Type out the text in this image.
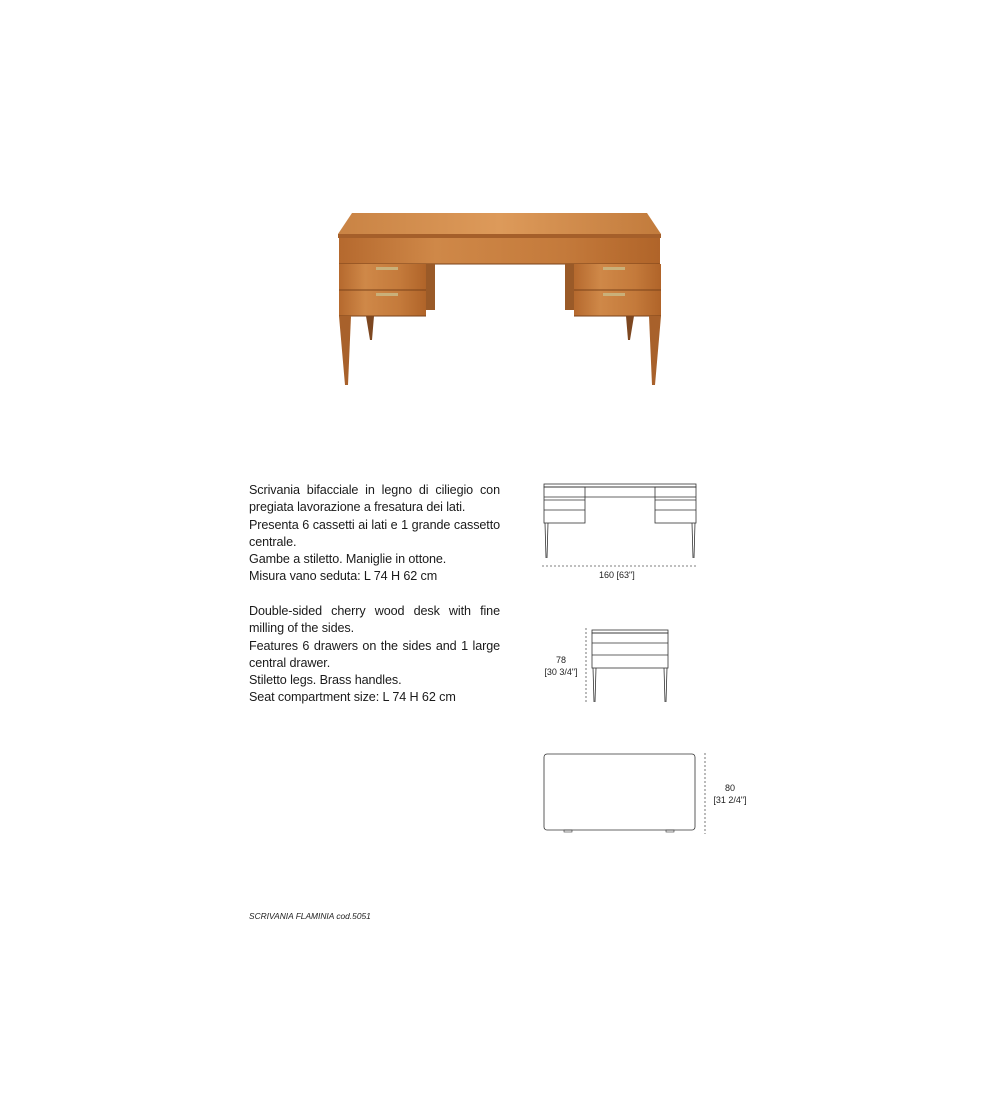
Scrivania bifacciale in legno di ciliegio con pregiata lavorazione a fresatura dei lati.

Presenta 6 cassetti ai lati e 1 grande cassetto centrale.

Gambe a stiletto. Maniglie in ottone.

Misura vano seduta: L 74 H 62 cm

Double-sided cherry wood desk with fine milling of the sides.

Features 6 drawers on the sides and 1 large central drawer.

Stiletto legs. Brass handles.

Seat compartment size: L 74 H 62 cm

160 [63"]
78
[30 3/4"]
80
[31 2/4"]
SCRIVANIA FLAMINIA cod.5051
